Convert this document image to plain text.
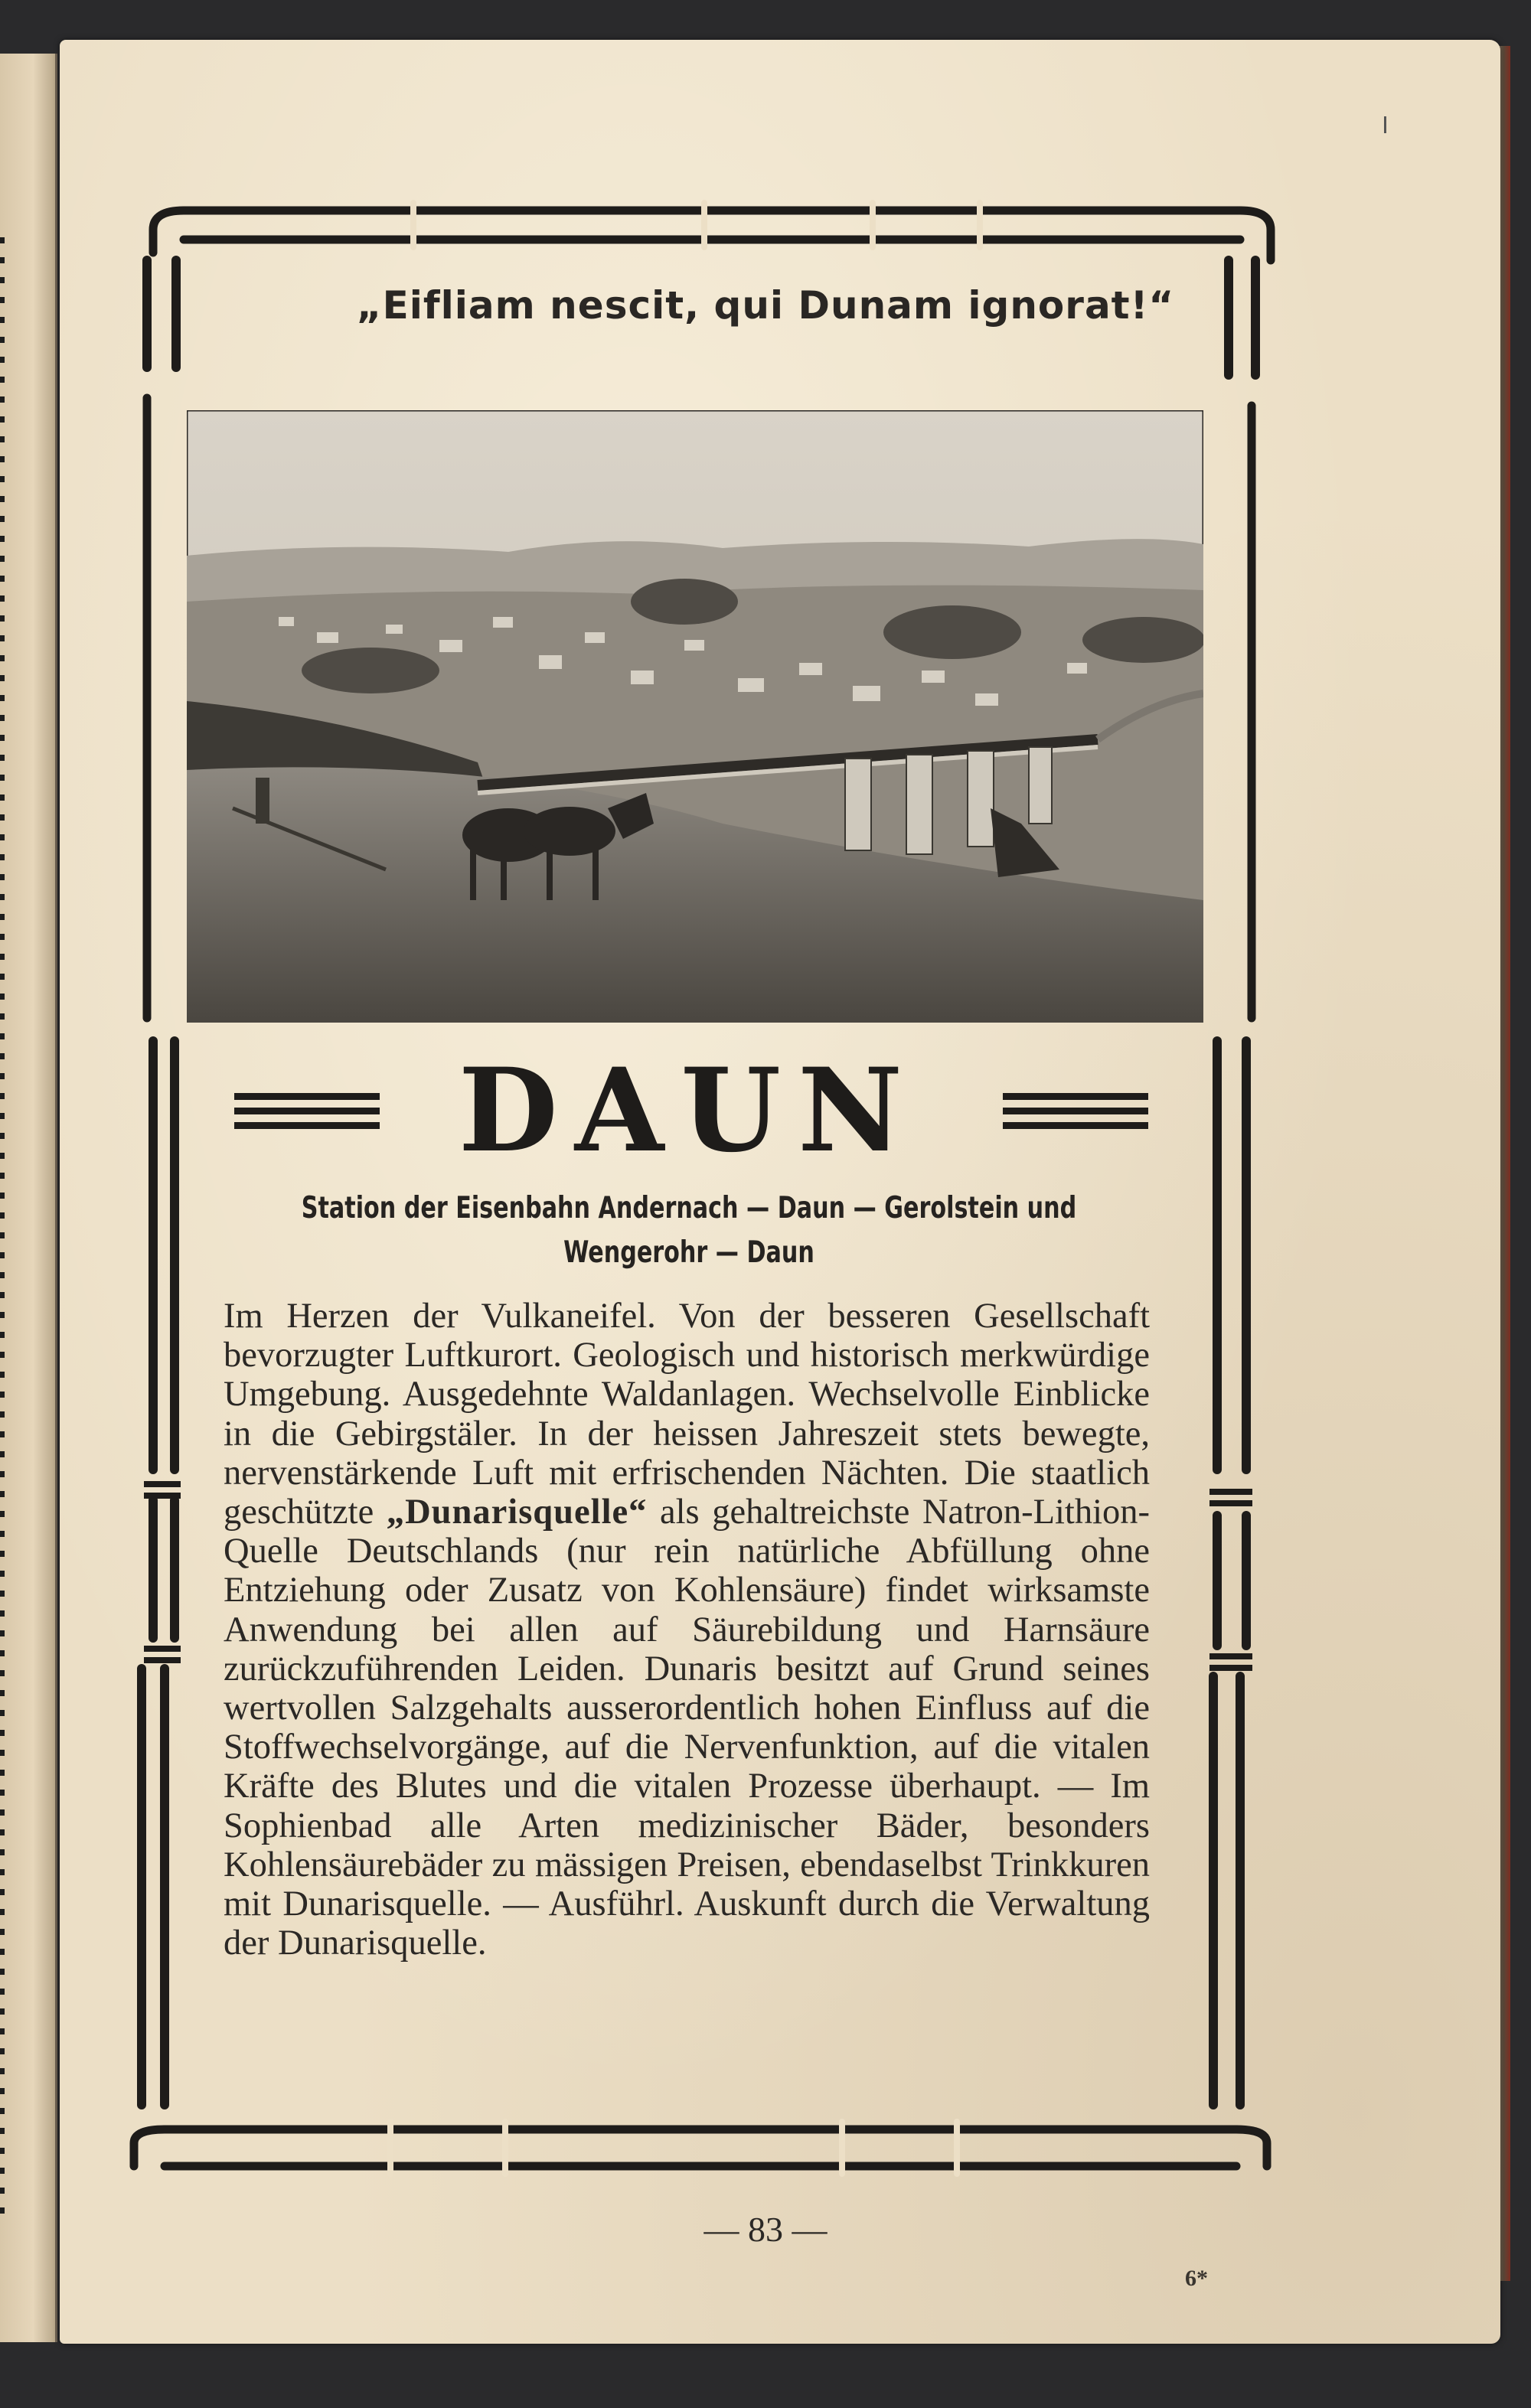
„Eifliam nescit, qui Dunam ignorat!“
DAUN
Station der Eisenbahn Andernach — Daun — Gerolstein und
Wengerohr — Daun
Im Herzen der Vulkaneifel. Von der besseren Gesellschaft bevorzugter Luftkurort. Geologisch und historisch merkwürdige Umgebung. Ausgedehnte Waldanlagen. Wechselvolle Einblicke in die Gebirgstäler. In der heissen Jahreszeit stets bewegte, nervenstärkende Luft mit erfrischenden Nächten. Die staatlich geschützte „Dunarisquelle“ als gehaltreichste Natron-Lithion-Quelle Deutschlands (nur rein natürliche Abfüllung ohne Entziehung oder Zusatz von Kohlensäure) findet wirksamste Anwendung bei allen auf Säurebildung und Harnsäure zurückzuführenden Leiden. Dunaris besitzt auf Grund seines wertvollen Salzgehalts ausserordentlich hohen Einfluss auf die Stoffwechselvorgänge, auf die Nervenfunktion, auf die vitalen Kräfte des Blutes und die vitalen Prozesse überhaupt. — Im Sophienbad alle Arten medizinischer Bäder, besonders Kohlensäurebäder zu mässigen Preisen, ebendaselbst Trinkkuren mit Dunarisquelle. — Ausführl. Auskunft durch die Verwaltung der Dunarisquelle.
— 83 —
6*
